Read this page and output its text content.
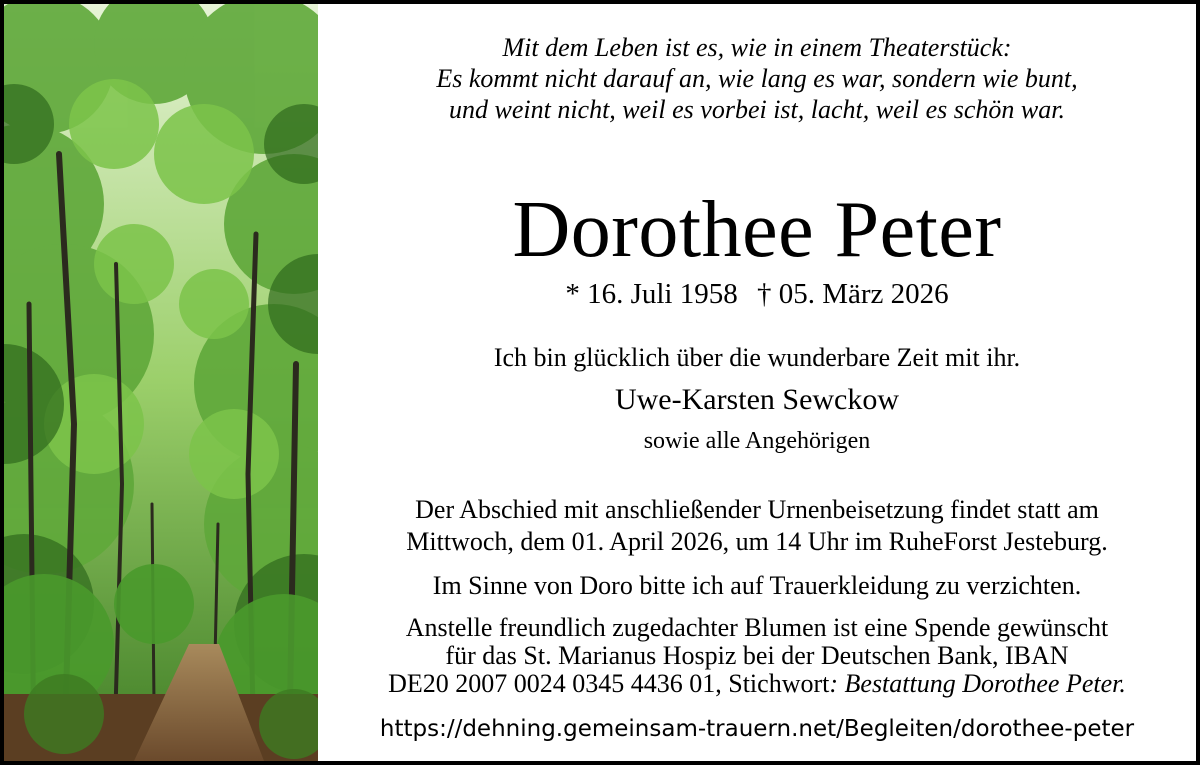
Mit dem Leben ist es, wie in einem Theaterstück:
Es kommt nicht darauf an, wie lang es war, sondern wie bunt,
und weint nicht, weil es vorbei ist, lacht, weil es schön war.
Dorothee Peter
* 16. Juli 1958 † 05. März 2026
Ich bin glücklich über die wunderbare Zeit mit ihr.
Uwe-Karsten Sewckow
sowie alle Angehörigen
Der Abschied mit anschließender Urnenbeisetzung findet statt am
Mittwoch, dem 01. April 2026, um 14 Uhr im RuheForst Jesteburg.
Im Sinne von Doro bitte ich auf Trauerkleidung zu verzichten.
Anstelle freundlich zugedachter Blumen ist eine Spende gewünscht
für das St. Marianus Hospiz bei der Deutschen Bank, IBAN
DE20 2007 0024 0345 4436 01, Stichwort: Bestattung Dorothee Peter.
https://dehning.gemeinsam-trauern.net/Begleiten/dorothee-peter
